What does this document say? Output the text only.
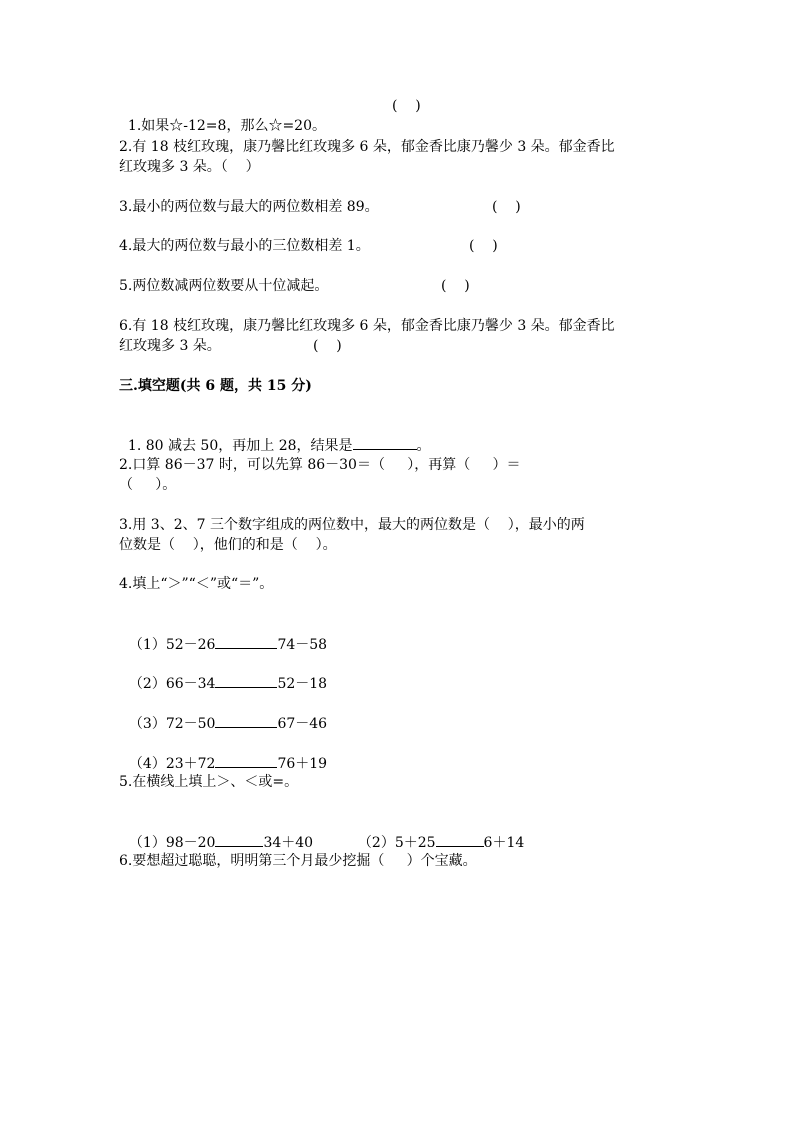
1.如果☆-12=8，那么☆=20。

(    )
2.有 18 枝红玫瑰，康乃馨比红玫瑰多 6 朵，郁金香比康乃馨少 3 朵。郁金香比
红玫瑰多 3 朵。（    ）
3.最小的两位数与最大的两位数相差 89。	(    )
4.最大的两位数与最小的三位数相差 1。	(    )
5.两位数减两位数要从十位减起。	(    )
6.有 18 枝红玫瑰，康乃馨比红玫瑰多 6 朵，郁金香比康乃馨少 3 朵。郁金香比
红玫瑰多 3 朵。	(    )
三.填空题(共 6 题，共 15 分)

1. 80 减去 50，再加上 28，结果是	。

2.口算 86－37 时，可以先算 86－30＝（     ），再算（     ）＝
（     ）。
3.用 3、2、7 三个数字组成的两位数中，最大的两位数是（    ），最小的两
位数是（    ），他们的和是（    ）。
4.填上“＞”“＜”或“＝”。

（1）52－26	74－58

（2）66－34	52－18

（3）72－50	67－46

（4）23＋72	76＋19

5.在横线上填上＞、＜或=。

（1）98－20	34＋40	（2）5＋25	6＋14

6.要想超过聪聪，明明第三个月最少挖掘（     ）个宝藏。
